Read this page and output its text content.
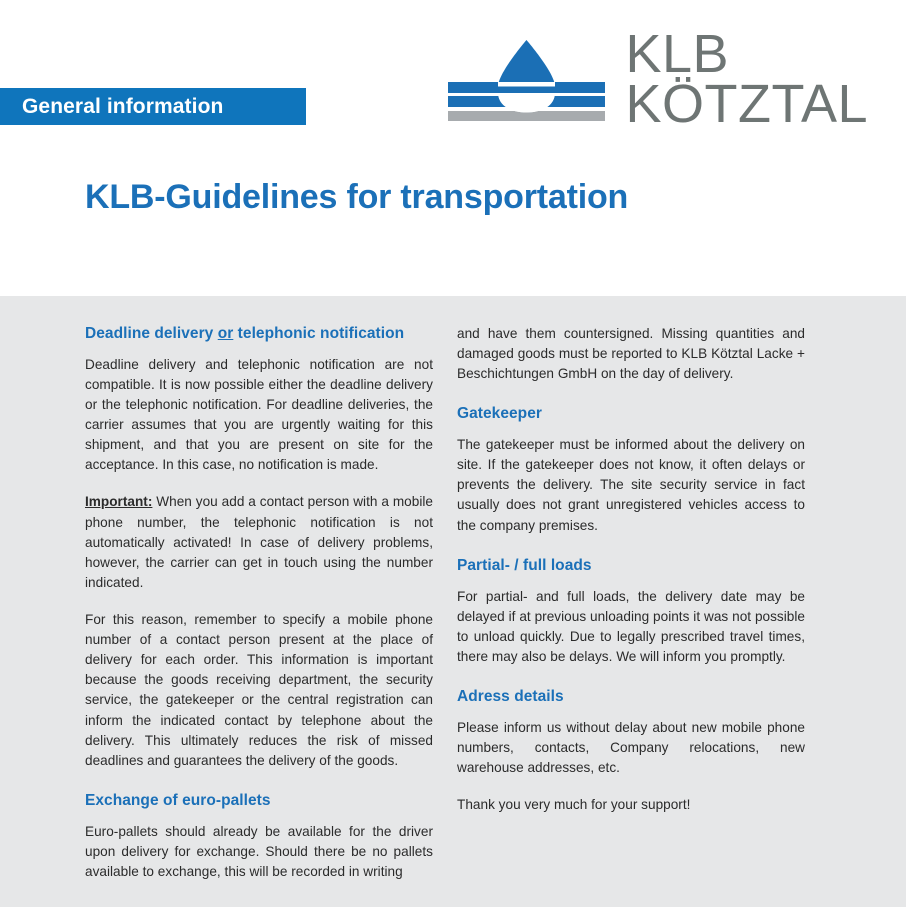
General information
KLB
KÖTZTAL
KLB-Guidelines for transportation
Deadline delivery or telephonic notification

Deadline delivery and telephonic notification are not compatible. It is now possible either the deadline delivery or the telephonic notification. For deadline deliveries, the carrier assumes that you are urgently waiting for this shipment, and that you are present on site for the acceptance. In this case, no notification is made.

Important: When you add a contact person with a mobile phone number, the telephonic notification is not automatically activated! In case of delivery problems, however, the carrier can get in touch using the number indicated.

For this reason, remember to specify a mobile phone number of a contact person present at the place of delivery for each order. This information is important because the goods receiving department, the security service, the gatekeeper or the central registration can inform the indicated contact by telephone about the delivery. This ultimately reduces the risk of missed deadlines and guarantees the delivery of the goods.

Exchange of euro-pallets

Euro-pallets should already be available for the driver upon delivery for exchange. Should there be no pallets available to exchange, this will be recorded in writing

and have them countersigned. Missing quantities and damaged goods must be reported to KLB Kötztal Lacke + Beschichtungen GmbH on the day of delivery.

Gatekeeper

The gatekeeper must be informed about the delivery on site. If the gatekeeper does not know, it often delays or prevents the delivery. The site security service in fact usually does not grant unregistered vehicles access to the company premises.

Partial- / full loads

For partial- and full loads, the delivery date may be delayed if at previous unloading points it was not possible to unload quickly. Due to legally prescribed travel times, there may also be delays. We will inform you promptly.

Adress details

Please inform us without delay about new mobile phone numbers, contacts, Company relocations, new warehouse addresses, etc.

Thank you very much for your support!
